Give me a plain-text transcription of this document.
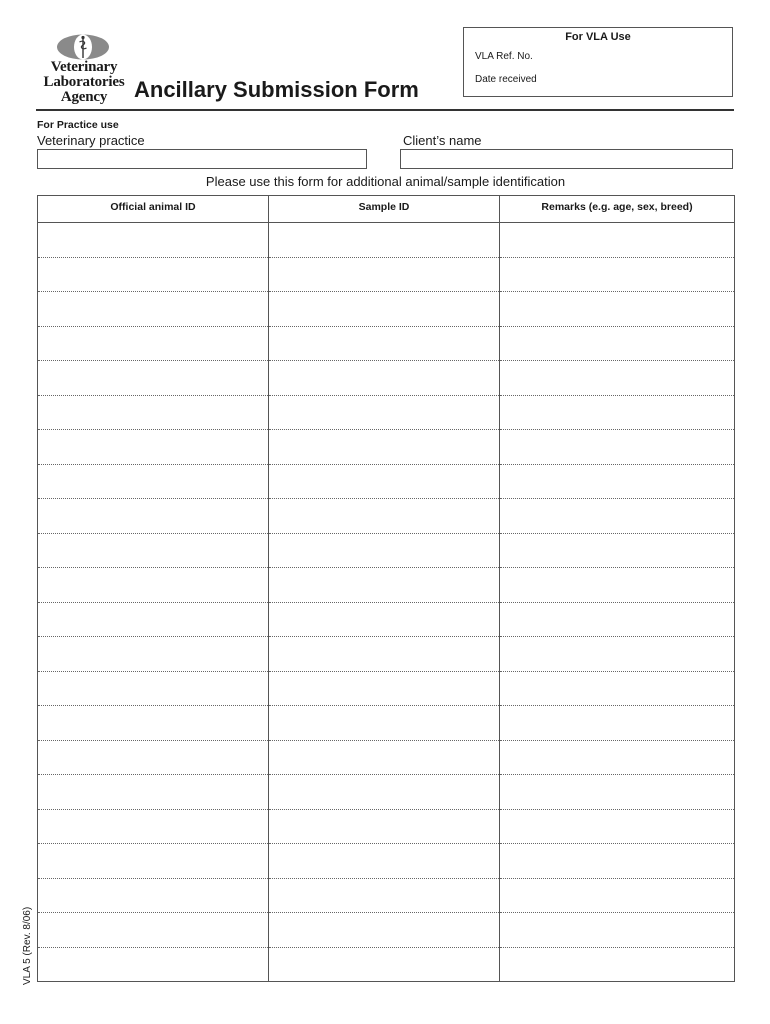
Veterinary
Laboratories
Agency	Ancillary Submission Form
For VLA Use
VLA Ref. No.
Date received
For Practice use
Veterinary practice	Client’s name
Please use this form for additional animal/sample identification
Official animal ID	Sample ID	Remarks (e.g. age, sex, breed)

VLA 5 (Rev. 8/06)
